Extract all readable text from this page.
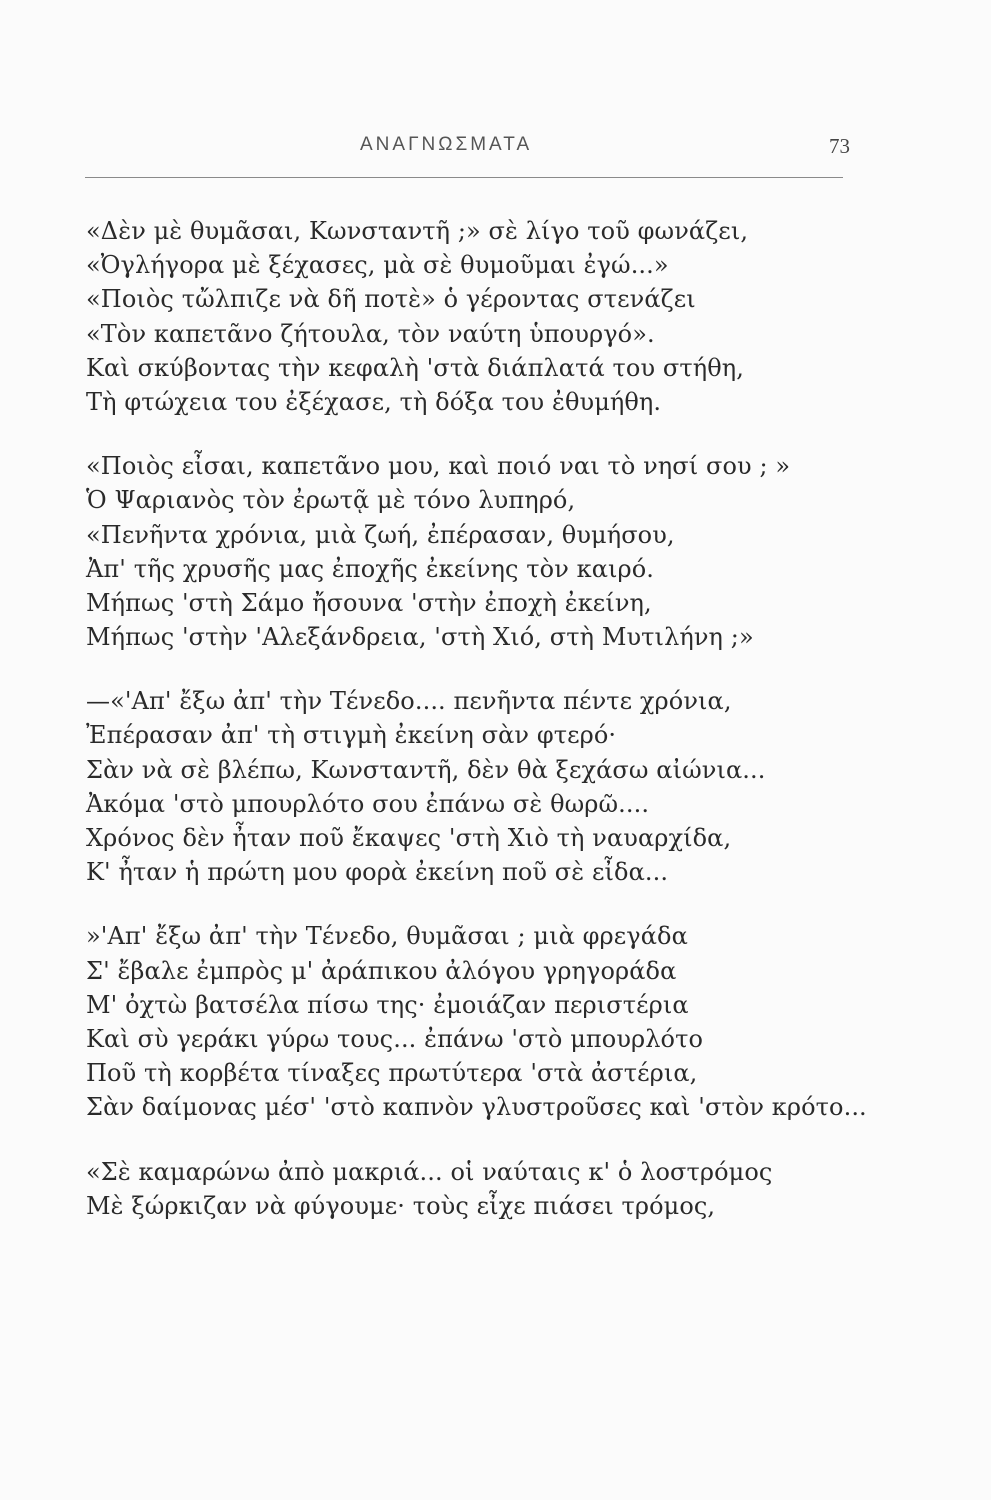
ΑΝΑΓΝΩΣΜΑΤΑ	73
«Δὲν μὲ θυμᾶσαι, Κωνσταντῆ ;» σὲ λίγο τοῦ φωνάζει,
«Ὀγλήγορα μὲ ξέχασες, μὰ σὲ θυμοῦμαι ἐγώ...»
«Ποιὸς τὤλπιζε νὰ δῆ ποτὲ» ὁ γέροντας στενάζει
«Τὸν καπετᾶνο ζήτουλα, τὸν ναύτη ὑπουργό».
Καὶ σκύβοντας τὴν κεφαλὴ 'στὰ διάπλατά του στήθη,
Τὴ φτώχεια του ἐξέχασε, τὴ δόξα του ἐθυμήθη.
«Ποιὸς εἶσαι, καπετᾶνο μου, καὶ ποιό ναι τὸ νησί σου ; »
Ὁ Ψαριανὸς τὸν ἐρωτᾷ μὲ τόνο λυπηρό,
«Πενῆντα χρόνια, μιὰ ζωή, ἐπέρασαν, θυμήσου,
Ἀπ' τῆς χρυσῆς μας ἐποχῆς ἐκείνης τὸν καιρό.
Μήπως 'στὴ Σάμο ἤσουνα 'στὴν ἐποχὴ ἐκείνη,
Μήπως 'στὴν 'Αλεξάνδρεια, 'στὴ Χιό, στὴ Μυτιλήνη ;»
—«'Απ' ἔξω ἀπ' τὴν Τένεδο.... πενῆντα πέντε χρόνια,
Ἐπέρασαν ἀπ' τὴ στιγμὴ ἐκείνη σὰν φτερό·
Σὰν νὰ σὲ βλέπω, Κωνσταντῆ, δὲν θὰ ξεχάσω αἰώνια...
Ἀκόμα 'στὸ μπουρλότο σου ἐπάνω σὲ θωρῶ....
Χρόνος δὲν ἦταν ποῦ ἔκαψες 'στὴ Χιὸ τὴ ναυαρχίδα,
Κ' ἦταν ἡ πρώτη μου φορὰ ἐκείνη ποῦ σὲ εἶδα...
»'Απ' ἔξω ἀπ' τὴν Τένεδο, θυμᾶσαι ; μιὰ φρεγάδα
Σ' ἔβαλε ἐμπρὸς μ' ἀράπικου ἀλόγου γρηγοράδα
Μ' ὀχτὼ βατσέλα πίσω της· ἐμοιάζαν περιστέρια
Καὶ σὺ γεράκι γύρω τους... ἐπάνω 'στὸ μπουρλότο
Ποῦ τὴ κορβέτα τίναξες πρωτύτερα 'στὰ ἀστέρια,
Σὰν δαίμονας μέσ' 'στὸ καπνὸν γλυστροῦσες καὶ 'στὸν κρότο...
«Σὲ καμαρώνω ἀπὸ μακριά... οἱ ναύταις κ' ὁ λοστρόμος
Μὲ ξώρκιζαν νὰ φύγουμε· τοὺς εἶχε πιάσει τρόμος,
